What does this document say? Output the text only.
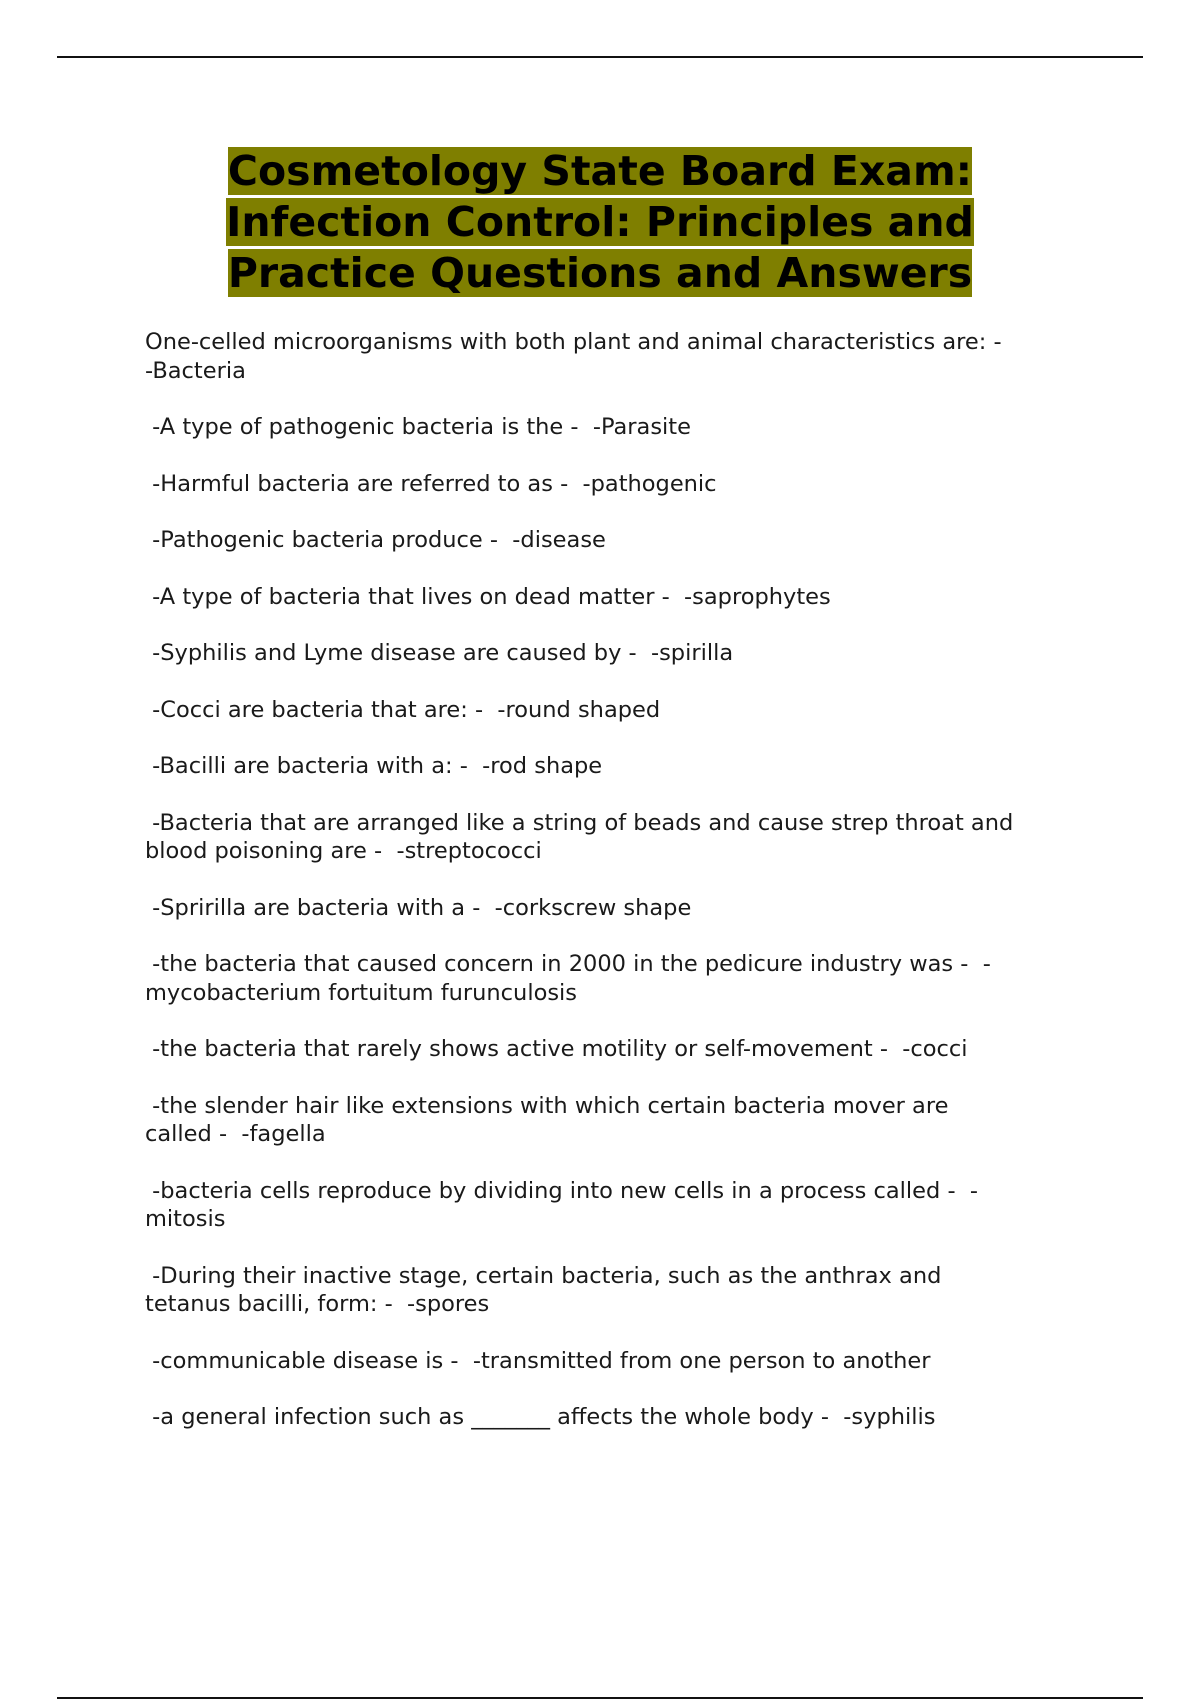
Cosmetology State Board Exam:
Infection Control: Principles and
Practice Questions and Answers
One-celled microorganisms with both plant and animal characteristics are: -
-Bacteria
-A type of pathogenic bacteria is the -  -Parasite
-Harmful bacteria are referred to as -  -pathogenic
-Pathogenic bacteria produce -  -disease
-A type of bacteria that lives on dead matter -  -saprophytes
-Syphilis and Lyme disease are caused by -  -spirilla
-Cocci are bacteria that are: -  -round shaped
-Bacilli are bacteria with a: -  -rod shape
-Bacteria that are arranged like a string of beads and cause strep throat and
blood poisoning are -  -streptococci
-Spririlla are bacteria with a -  -corkscrew shape
-the bacteria that caused concern in 2000 in the pedicure industry was -  -
mycobacterium fortuitum furunculosis
-the bacteria that rarely shows active motility or self-movement -  -cocci
-the slender hair like extensions with which certain bacteria mover are
called -  -fagella
-bacteria cells reproduce by dividing into new cells in a process called -  -
mitosis
-During their inactive stage, certain bacteria, such as the anthrax and
tetanus bacilli, form: -  -spores
-communicable disease is -  -transmitted from one person to another
-a general infection such as _______ affects the whole body -  -syphilis
